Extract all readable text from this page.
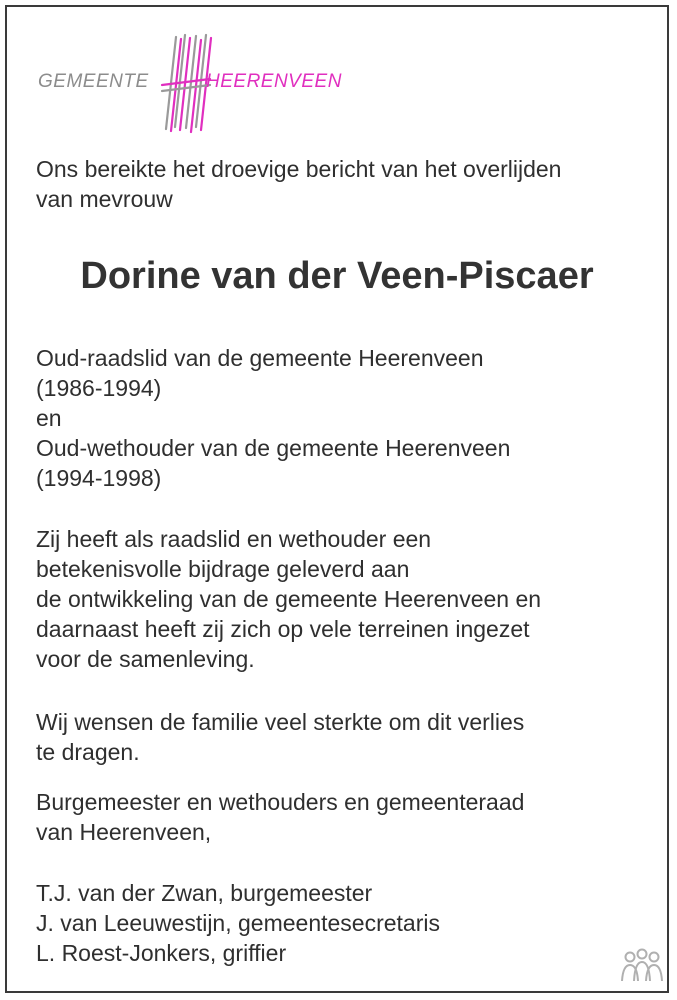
GEMEENTE	HEERENVEEN
Ons bereikte het droevige bericht van het overlijden
van mevrouw
Dorine van der Veen-Piscaer
Oud-raadslid van de gemeente Heerenveen
(1986-1994)
en
Oud-wethouder van de gemeente Heerenveen
(1994-1998)
Zij heeft als raadslid en wethouder een
betekenisvolle bijdrage geleverd aan
de ontwikkeling van de gemeente Heerenveen en
daarnaast heeft zij zich op vele terreinen ingezet
voor de samenleving.
Wij wensen de familie veel sterkte om dit verlies
te dragen.
Burgemeester en wethouders en gemeenteraad
van Heerenveen,
T.J. van der Zwan, burgemeester
J. van Leeuwestijn, gemeentesecretaris
L. Roest-Jonkers, griffier
